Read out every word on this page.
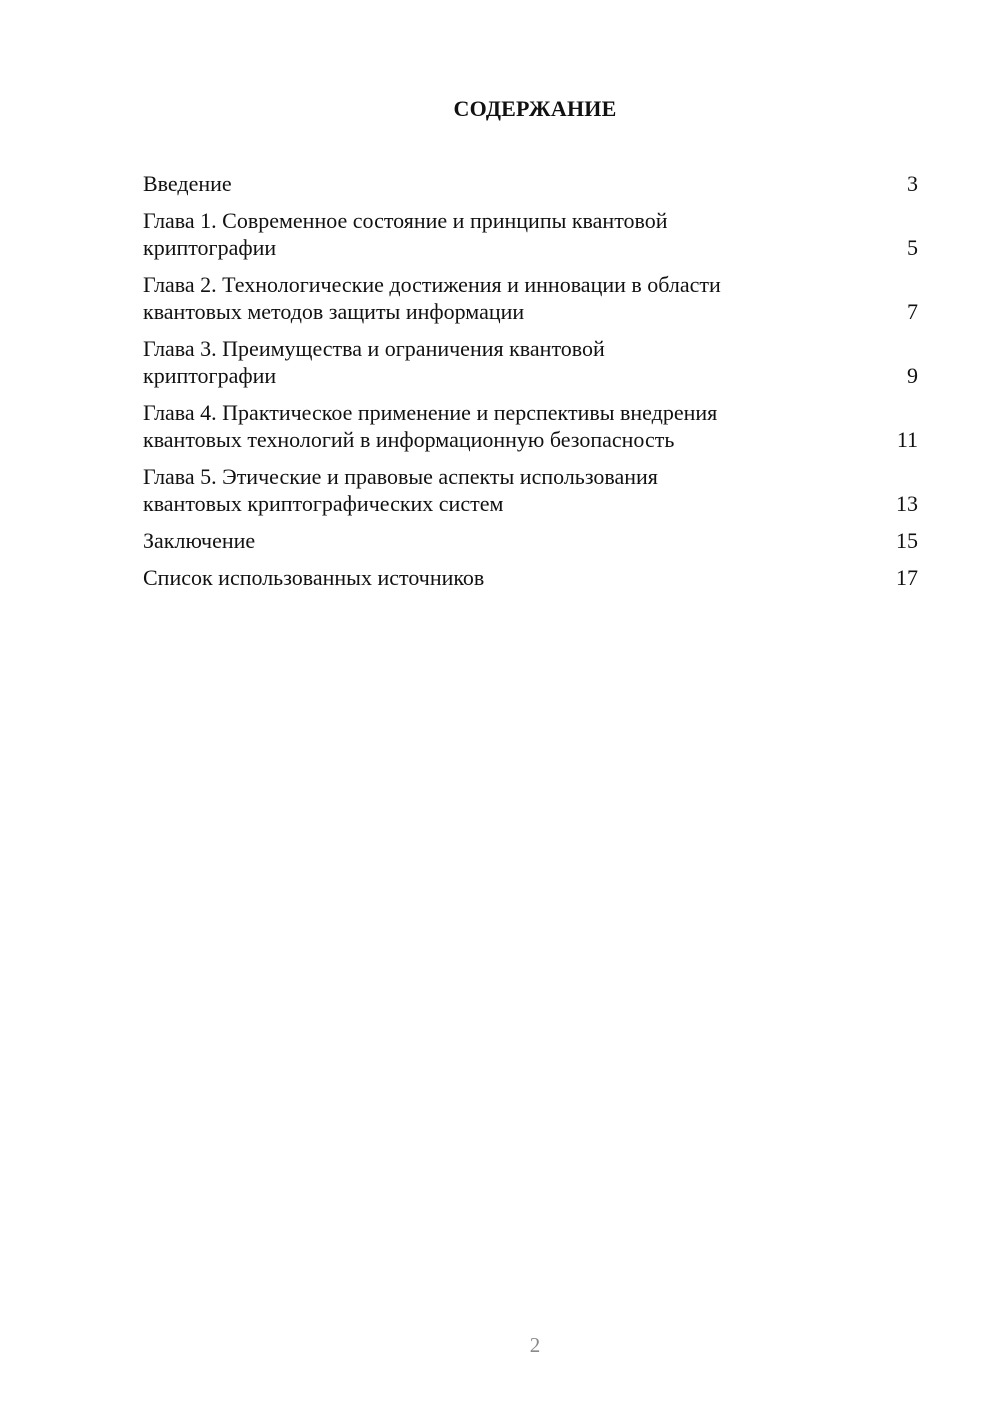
СОДЕРЖАНИЕ
Введение	3
Глава 1. Современное состояние и принципы квантовой криптографии	5
Глава 2. Технологические достижения и инновации в области квантовых методов защиты информации	7
Глава 3. Преимущества и ограничения квантовой криптографии	9
Глава 4. Практическое применение и перспективы внедрения квантовых технологий в информационную безопасность	11
Глава 5. Этические и правовые аспекты использования квантовых криптографических систем	13
Заключение	15
Список использованных источников	17
2
